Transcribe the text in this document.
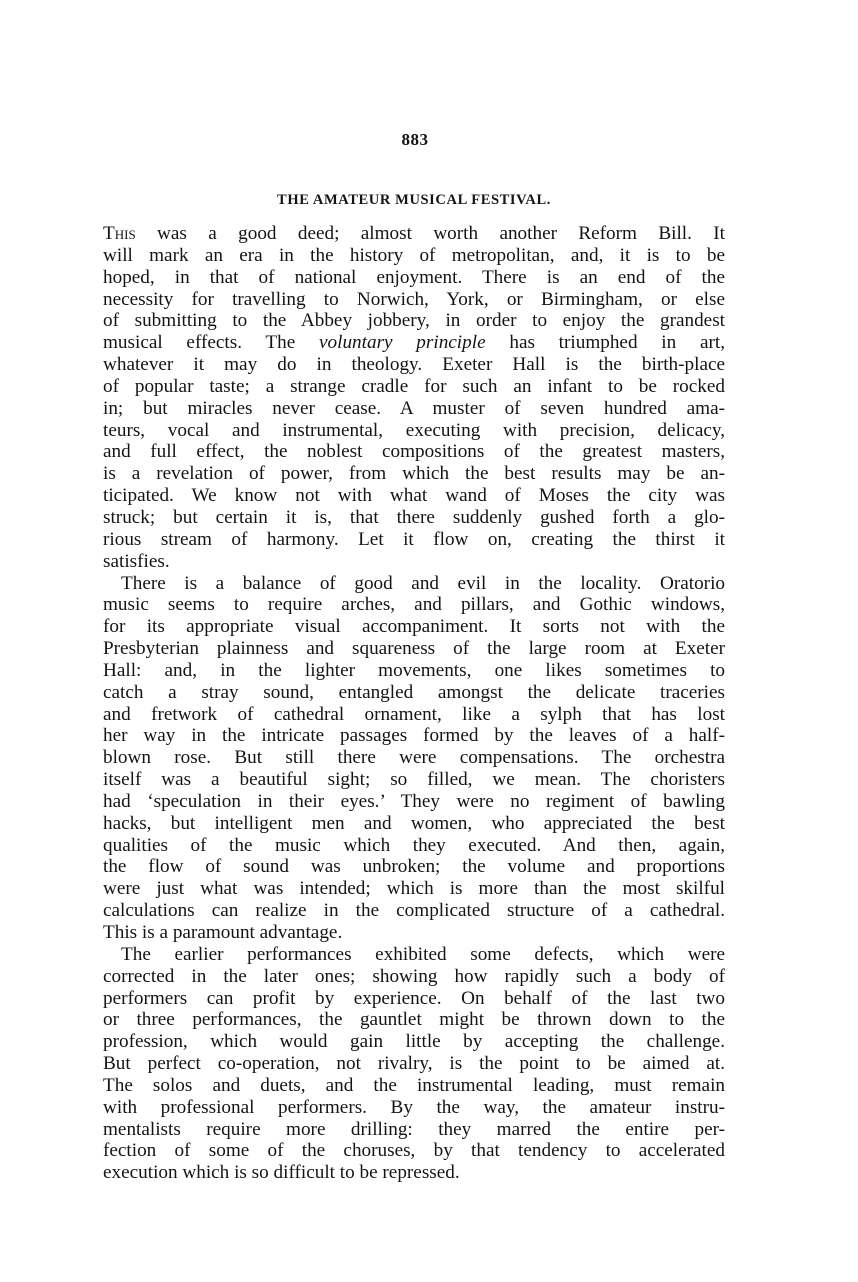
883
THE AMATEUR MUSICAL FESTIVAL.
This was a good deed; almost worth another Reform Bill. It
will mark an era in the history of metropolitan, and, it is to be
hoped, in that of national enjoyment. There is an end of the
necessity for travelling to Norwich, York, or Birmingham, or else
of submitting to the Abbey jobbery, in order to enjoy the grandest
musical effects. The voluntary principle has triumphed in art,
whatever it may do in theology. Exeter Hall is the birth-place
of popular taste; a strange cradle for such an infant to be rocked
in; but miracles never cease. A muster of seven hundred ama-
teurs, vocal and instrumental, executing with precision, delicacy,
and full effect, the noblest compositions of the greatest masters,
is a revelation of power, from which the best results may be an-
ticipated. We know not with what wand of Moses the city was
struck; but certain it is, that there suddenly gushed forth a glo-
rious stream of harmony. Let it flow on, creating the thirst it
satisfies.
There is a balance of good and evil in the locality. Oratorio
music seems to require arches, and pillars, and Gothic windows,
for its appropriate visual accompaniment. It sorts not with the
Presbyterian plainness and squareness of the large room at Exeter
Hall: and, in the lighter movements, one likes sometimes to
catch a stray sound, entangled amongst the delicate traceries
and fretwork of cathedral ornament, like a sylph that has lost
her way in the intricate passages formed by the leaves of a half-
blown rose. But still there were compensations. The orchestra
itself was a beautiful sight; so filled, we mean. The choristers
had ‘speculation in their eyes.’ They were no regiment of bawling
hacks, but intelligent men and women, who appreciated the best
qualities of the music which they executed. And then, again,
the flow of sound was unbroken; the volume and proportions
were just what was intended; which is more than the most skilful
calculations can realize in the complicated structure of a cathedral.
This is a paramount advantage.
The earlier performances exhibited some defects, which were
corrected in the later ones; showing how rapidly such a body of
performers can profit by experience. On behalf of the last two
or three performances, the gauntlet might be thrown down to the
profession, which would gain little by accepting the challenge.
But perfect co-operation, not rivalry, is the point to be aimed at.
The solos and duets, and the instrumental leading, must remain
with professional performers. By the way, the amateur instru-
mentalists require more drilling: they marred the entire per-
fection of some of the choruses, by that tendency to accelerated
execution which is so difficult to be repressed.
